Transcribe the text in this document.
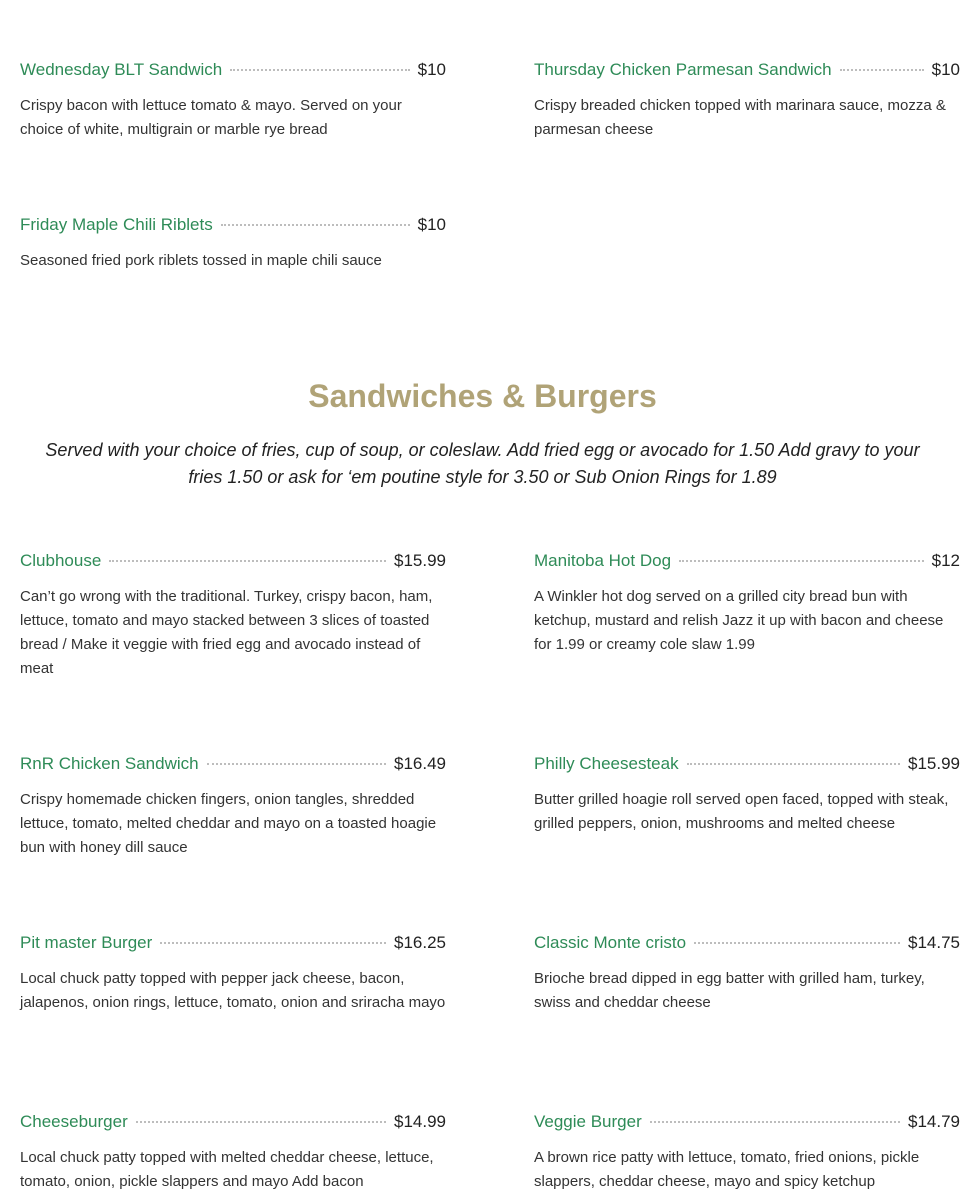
Wednesday BLT Sandwich	$10
Crispy bacon with lettuce tomato & mayo. Served on your choice of white, multigrain or marble rye bread
Thursday Chicken Parmesan Sandwich	$10
Crispy breaded chicken topped with marinara sauce, mozza & parmesan cheese
Friday Maple Chili Riblets	$10
Seasoned fried pork riblets tossed in maple chili sauce
Sandwiches & Burgers

Served with your choice of fries, cup of soup, or coleslaw. Add fried egg or avocado for 1.50 Add gravy to your fries 1.50 or ask for ‘em poutine style for 3.50 or Sub Onion Rings for 1.89

Clubhouse	$15.99
Can’t go wrong with the traditional. Turkey, crispy bacon, ham, lettuce, tomato and mayo stacked between 3 slices of toasted bread / Make it veggie with fried egg and avocado instead of meat
Manitoba Hot Dog	$12
A Winkler hot dog served on a grilled city bread bun with ketchup, mustard and relish Jazz it up with bacon and cheese for 1.99 or creamy cole slaw 1.99
RnR Chicken Sandwich	$16.49
Crispy homemade chicken fingers, onion tangles, shredded lettuce, tomato, melted cheddar and mayo on a toasted hoagie bun with honey dill sauce
Philly Cheesesteak	$15.99
Butter grilled hoagie roll served open faced, topped with steak, grilled peppers, onion, mushrooms and melted cheese
Pit master Burger	$16.25
Local chuck patty topped with pepper jack cheese, bacon, jalapenos, onion rings, lettuce, tomato, onion and sriracha mayo
Classic Monte cristo	$14.75
Brioche bread dipped in egg batter with grilled ham, turkey, swiss and cheddar cheese
Cheeseburger	$14.99
Local chuck patty topped with melted cheddar cheese, lettuce, tomato, onion, pickle slappers and mayo Add bacon
Veggie Burger	$14.79
A brown rice patty with lettuce, tomato, fried onions, pickle slappers, cheddar cheese, mayo and spicy ketchup
